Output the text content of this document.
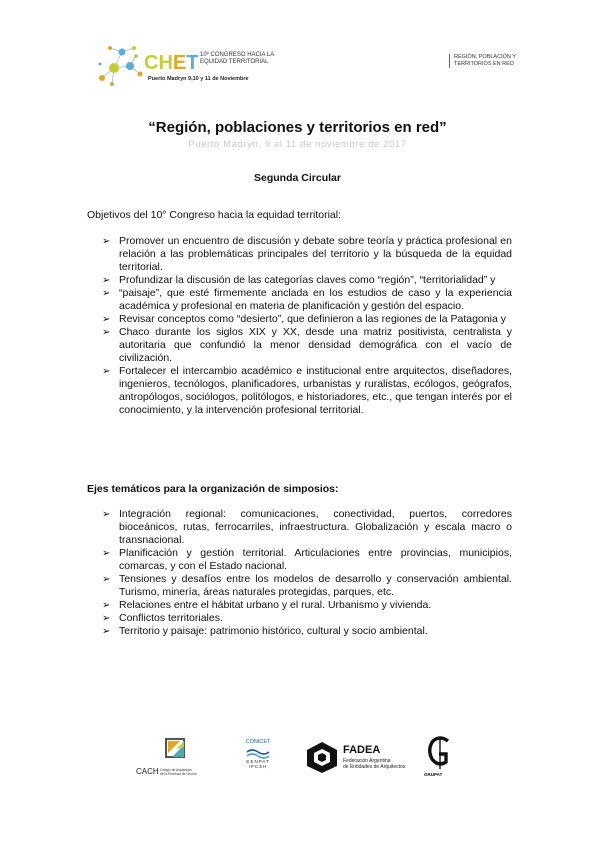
CHET 10º CONGRESO HACIA LA
EQUIDAD TERRITORIAL
Puerto Madryn 9,10 y 11 de Noviembre
REGIÓN, POBLACIÓN Y
TERRITORIOS EN RED
“Región, poblaciones y territorios en red”
Puerto Madryn, 9 al 11 de noviembre de 2017
Segunda Circular
Objetivos del 10° Congreso hacia la equidad territorial:
➢ Promover un encuentro de discusión y debate sobre teoría y práctica profesional en relación a las problemáticas principales del territorio y la búsqueda de la equidad territorial.
➢ Profundizar la discusión de las categorías claves como “región”, “territorialidad” y
➢ “paisaje”, que esté firmemente anclada en los estudios de caso y la experiencia académica y profesional en materia de planificación y gestión del espacio.
➢ Revisar conceptos como “desierto”, que definieron a las regiones de la Patagonia y
➢ Chaco durante los siglos XIX y XX, desde una matriz positivista, centralista y autoritaria que confundió la menor densidad demográfica con el vacío de civilización.
➢ Fortalecer el intercambio académico e institucional entre arquitectos, diseñadores, ingenieros, tecnólogos, planificadores, urbanistas y ruralistas, ecólogos, geógrafos, antropólogos, sociólogos, politólogos, e historiadores, etc., que tengan interés por el conocimiento, y la intervención profesional territorial.
Ejes temáticos para la organización de simposios:
➢ Integración regional: comunicaciones, conectividad, puertos, corredores bioceánicos, rutas, ferrocarriles, infraestructura. Globalización y escala macro o transnacional.
➢ Planificación y gestión territorial. Articulaciones entre provincias, municipios, comarcas, y con el Estado nacional.
➢ Tensiones y desafíos entre los modelos de desarrollo y conservación ambiental. Turismo, minería, áreas naturales protegidas, parques, etc.
➢ Relaciones entre el hábitat urbano y el rural. Urbanismo y vivienda.
➢ Conflictos territoriales.
➢ Territorio y paisaje: patrimonio histórico, cultural y socio ambiental.
CACH Colegio de Arquitectos
de la Provincia de Chubut
CONICET
CENPAT
IPCSH
FADEA
Federación Argentina
de Entidades de Arquitectos
GRUPAT
